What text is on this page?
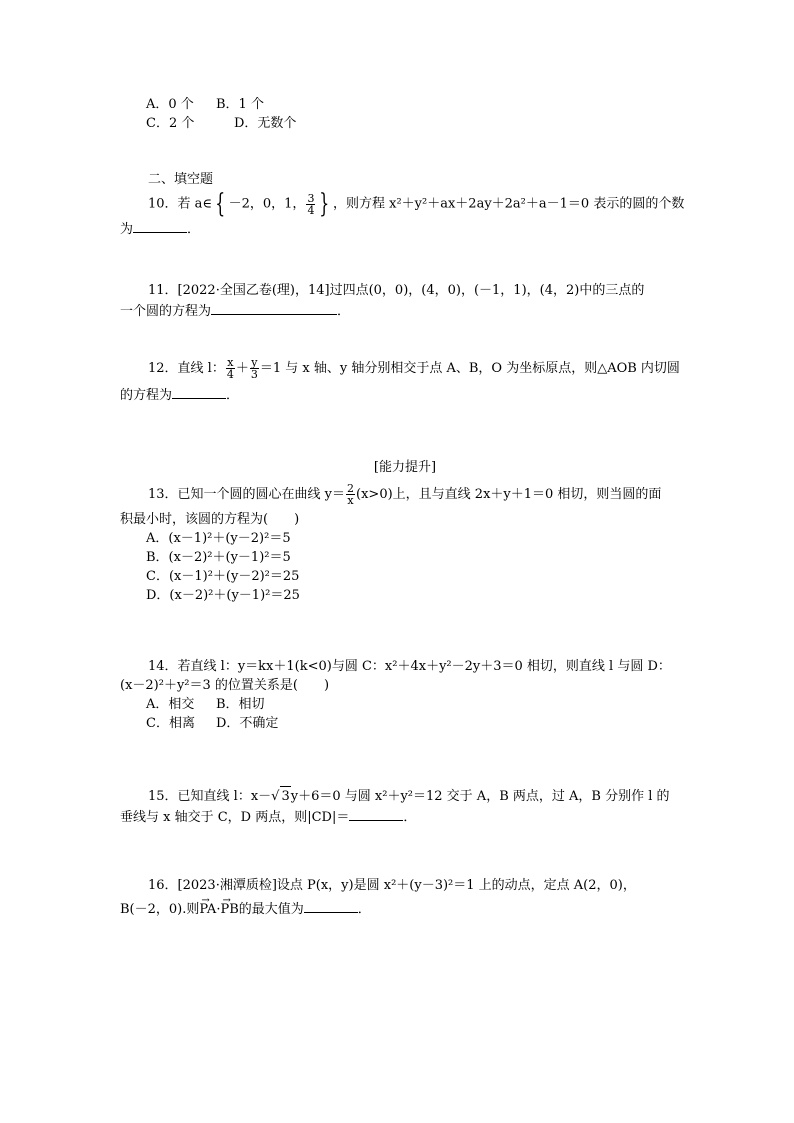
A．0 个 B．1 个
C．2 个	D．无数个
二、填空题
10．若 a∈ { －2，0，1， $\frac{3}{4}$ } ，则方程 x²＋y²＋ax＋2ay＋2a²＋a－1＝0 表示的圆的个数
为	．
11．[2022·全国乙卷(理)，14]过四点(0，0)，(4，0)，(－1，1)，(4，2)中的三点的
一个圆的方程为	．
12．直线 l： $\frac{x}{4} + \frac{y}{3} =1$ 与 x 轴、y 轴分别相交于点 A、B，O 为坐标原点，则△AOB 内切圆
的方程为	．
[能力提升]
13．已知一个圆的圆心在曲线 $y= \frac{2}{x} (x>0)$上，且与直线 2x＋y＋1＝0 相切，则当圆的面
积最小时，该圆的方程为(　　)
A．(x－1)²＋(y－2)²＝5
B．(x－2)²＋(y－1)²＝5
C．(x－1)²＋(y－2)²＝25
D．(x－2)²＋(y－1)²＝25
14．若直线 l：y＝kx＋1(k<0)与圆 C：x²＋4x＋y²－2y＋3＝0 相切，则直线 l 与圆 D：
(x－2)²＋y²＝3 的位置关系是(　　)
A．相交 B．相切
C．相离 D．不确定
15．已知直线 l：x－√ 3y＋6＝0 与圆 x²＋y²＝12 交于 A，B 两点，过 A，B 分别作 l 的
垂线与 x 轴交于 C，D 两点，则|CD|＝	．
16．[2023·湘潭质检]设点 P(x，y)是圆 x²＋(y－3)²＝1 上的动点，定点 A(2，0)，
B(－2，0).则→ PA·→ PB的最大值为	．
